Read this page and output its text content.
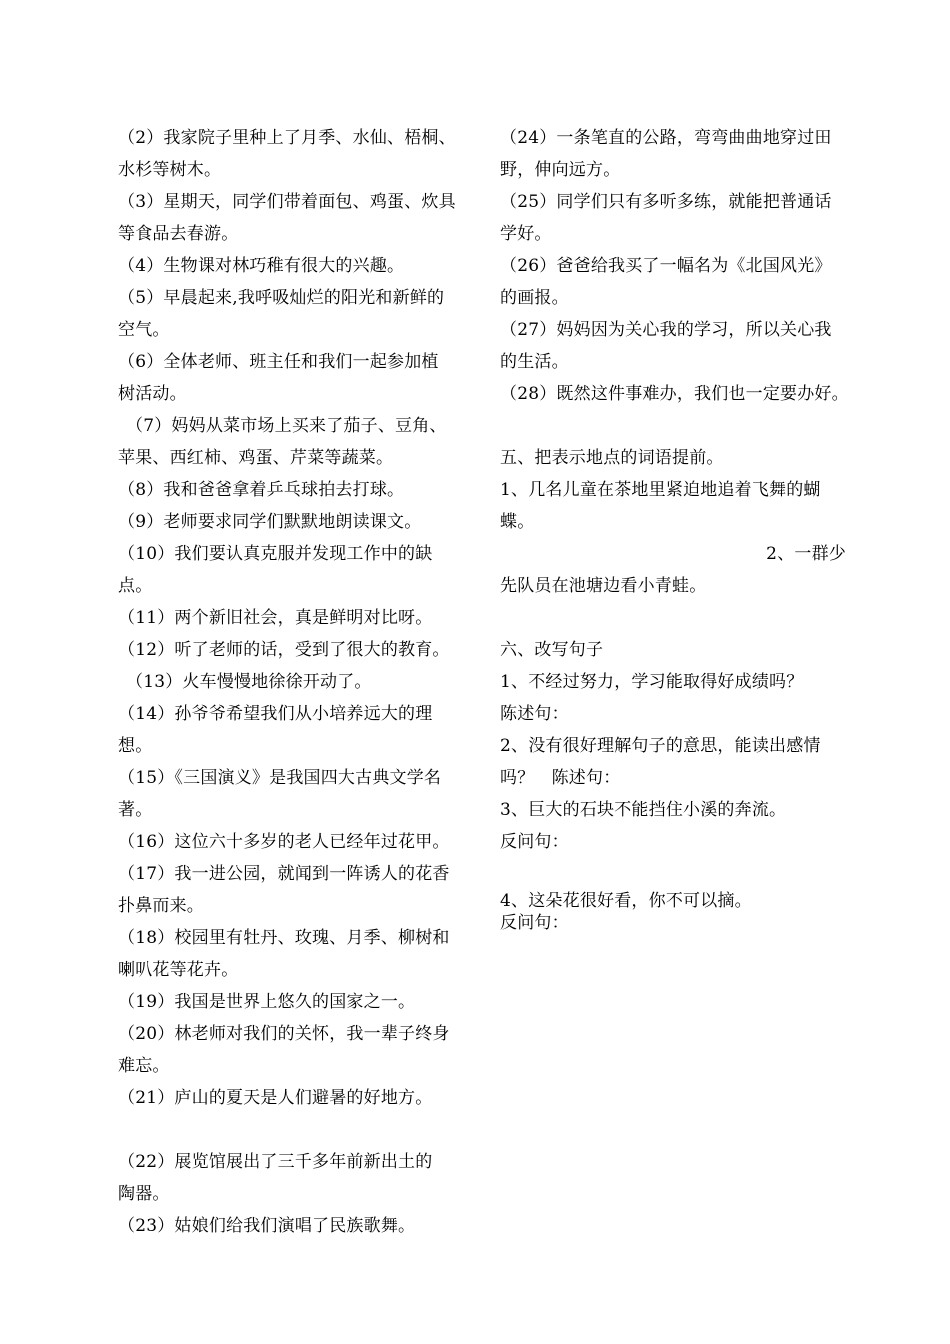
（2）我家院子里种上了月季、水仙、梧桐、
水杉等树木。
（3）星期天，同学们带着面包、鸡蛋、炊具
等食品去春游。
（4）生物课对林巧稚有很大的兴趣。
（5）早晨起来,我呼吸灿烂的阳光和新鲜的
空气。
（6）全体老师、班主任和我们一起参加植
树活动。
（7）妈妈从菜市场上买来了茄子、豆角、
苹果、西红柿、鸡蛋、芹菜等蔬菜。
（8）我和爸爸拿着乒乓球拍去打球。
（9）老师要求同学们默默地朗读课文。
（10）我们要认真克服并发现工作中的缺
点。
（11）两个新旧社会，真是鲜明对比呀。
（12）听了老师的话，受到了很大的教育。
（13）火车慢慢地徐徐开动了。
（14）孙爷爷希望我们从小培养远大的理
想。
（15）《三国演义》是我国四大古典文学名
著。
（16）这位六十多岁的老人已经年过花甲。
（17）我一进公园，就闻到一阵诱人的花香
扑鼻而来。
（18）校园里有牡丹、玫瑰、月季、柳树和
喇叭花等花卉。
（19）我国是世界上悠久的国家之一。
（20）林老师对我们的关怀，我一辈子终身
难忘。
（21）庐山的夏天是人们避暑的好地方。
（22）展览馆展出了三千多年前新出土的
陶器。
（23）姑娘们给我们演唱了民族歌舞。
（24）一条笔直的公路，弯弯曲曲地穿过田
野，伸向远方。
（25）同学们只有多听多练，就能把普通话
学好。
（26）爸爸给我买了一幅名为《北国风光》
的画报。
（27）妈妈因为关心我的学习，所以关心我
的生活。
（28）既然这件事难办，我们也一定要办好。
五、把表示地点的词语提前。
1、几名儿童在茶地里紧迫地追着飞舞的蝴
蝶。
2、一群少
先队员在池塘边看小青蛙。
六、改写句子
1、不经过努力，学习能取得好成绩吗？
陈述句：
2、没有很好理解句子的意思，能读出感情
吗？　陈述句：
3、巨大的石块不能挡住小溪的奔流。
反问句：
4、这朵花很好看，你不可以摘。
反问句：
